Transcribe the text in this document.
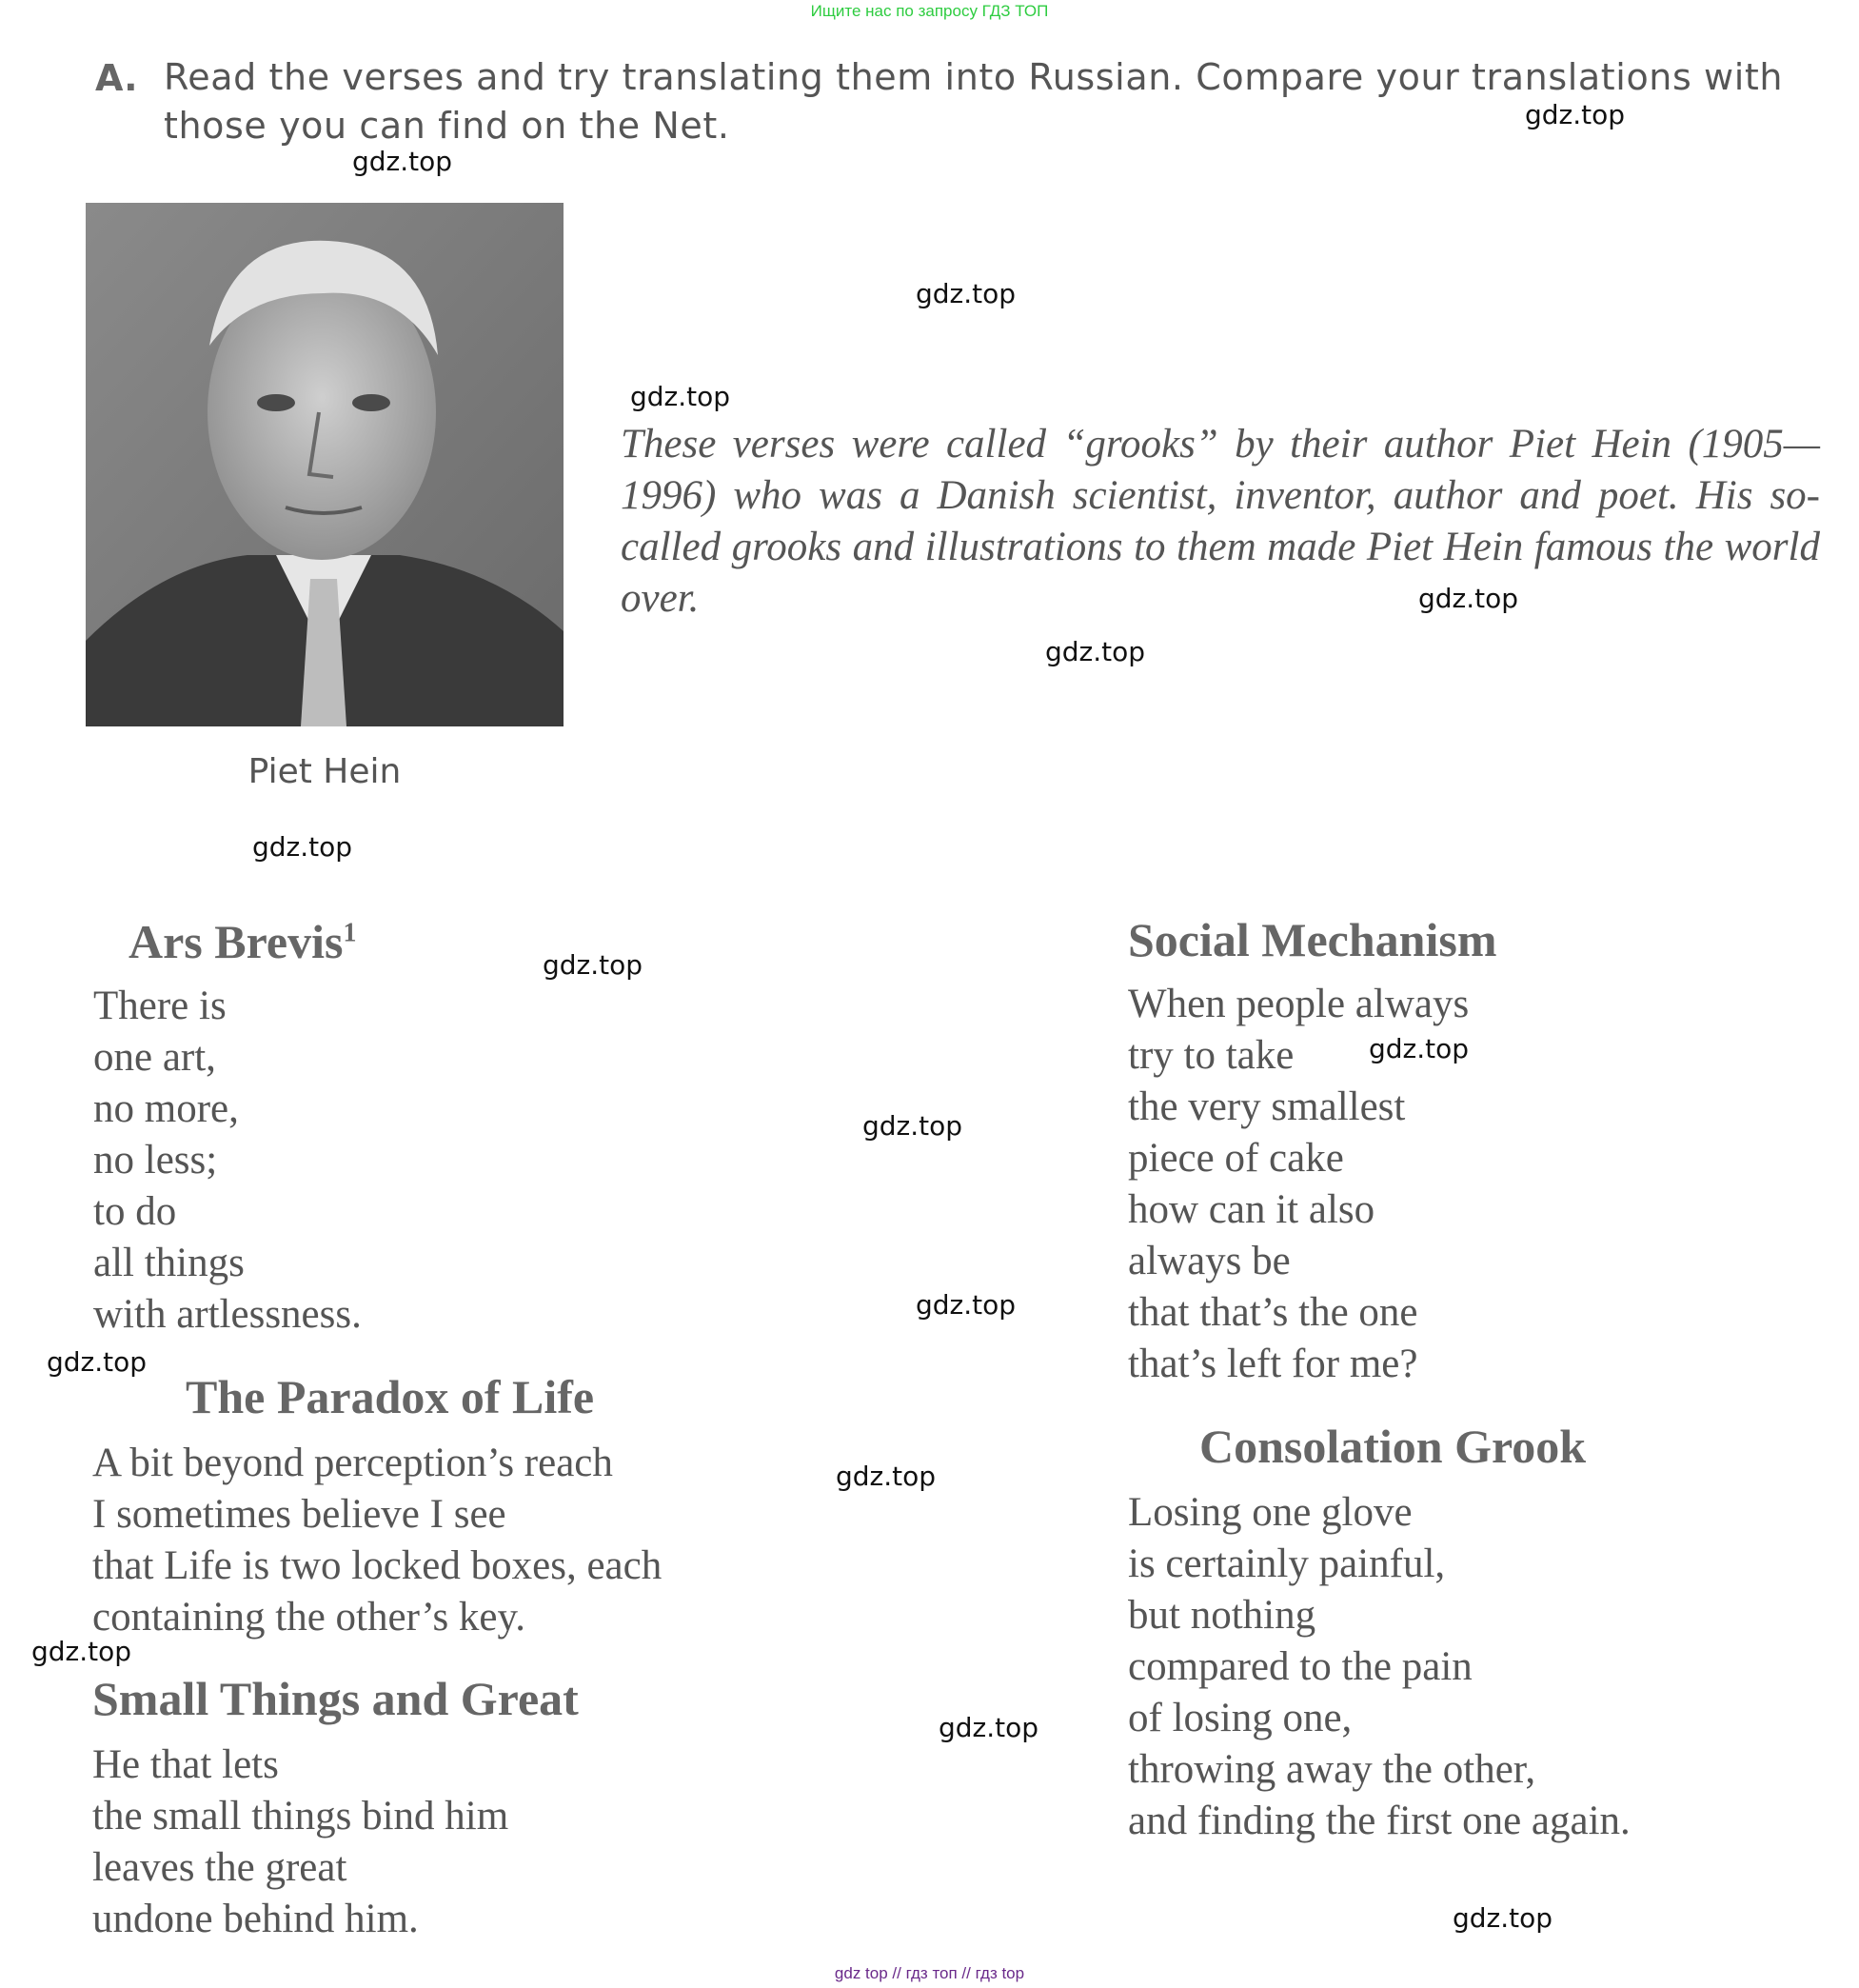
Ищите нас по запросу ГДЗ ТОП
A. Read the verses and try translating them into Russian. Compare your translations with those you can find on the Net.
Piet Hein
These verses were called “grooks” by their author Piet Hein (1905—1996) who was a Danish scientist, inventor, author and poet. His so-called grooks and illustrations to them made Piet Hein famous the world over.
Ars Brevis$^1$
There is
one art,
no more,
no less;
to do
all things
with artlessness.
The Paradox of Life
A bit beyond perception’s reach
I sometimes believe I see
that Life is two locked boxes, each
containing the other’s key.
Small Things and Great
He that lets
the small things bind him
leaves the great
undone behind him.
Social Mechanism
When people always
try to take
the very smallest
piece of cake
how can it also
always be
that that’s the one
that’s left for me?
Consolation Grook
Losing one glove
is certainly painful,
but nothing
compared to the pain
of losing one,
throwing away the other,
and finding the first one again.
gdz.top
gdz.top
gdz.top
gdz.top
gdz.top
gdz.top
gdz.top
gdz.top
gdz.top
gdz.top
gdz.top
gdz.top
gdz.top
gdz.top
gdz.top
gdz.top
gdz top // гдз топ // гдз top
